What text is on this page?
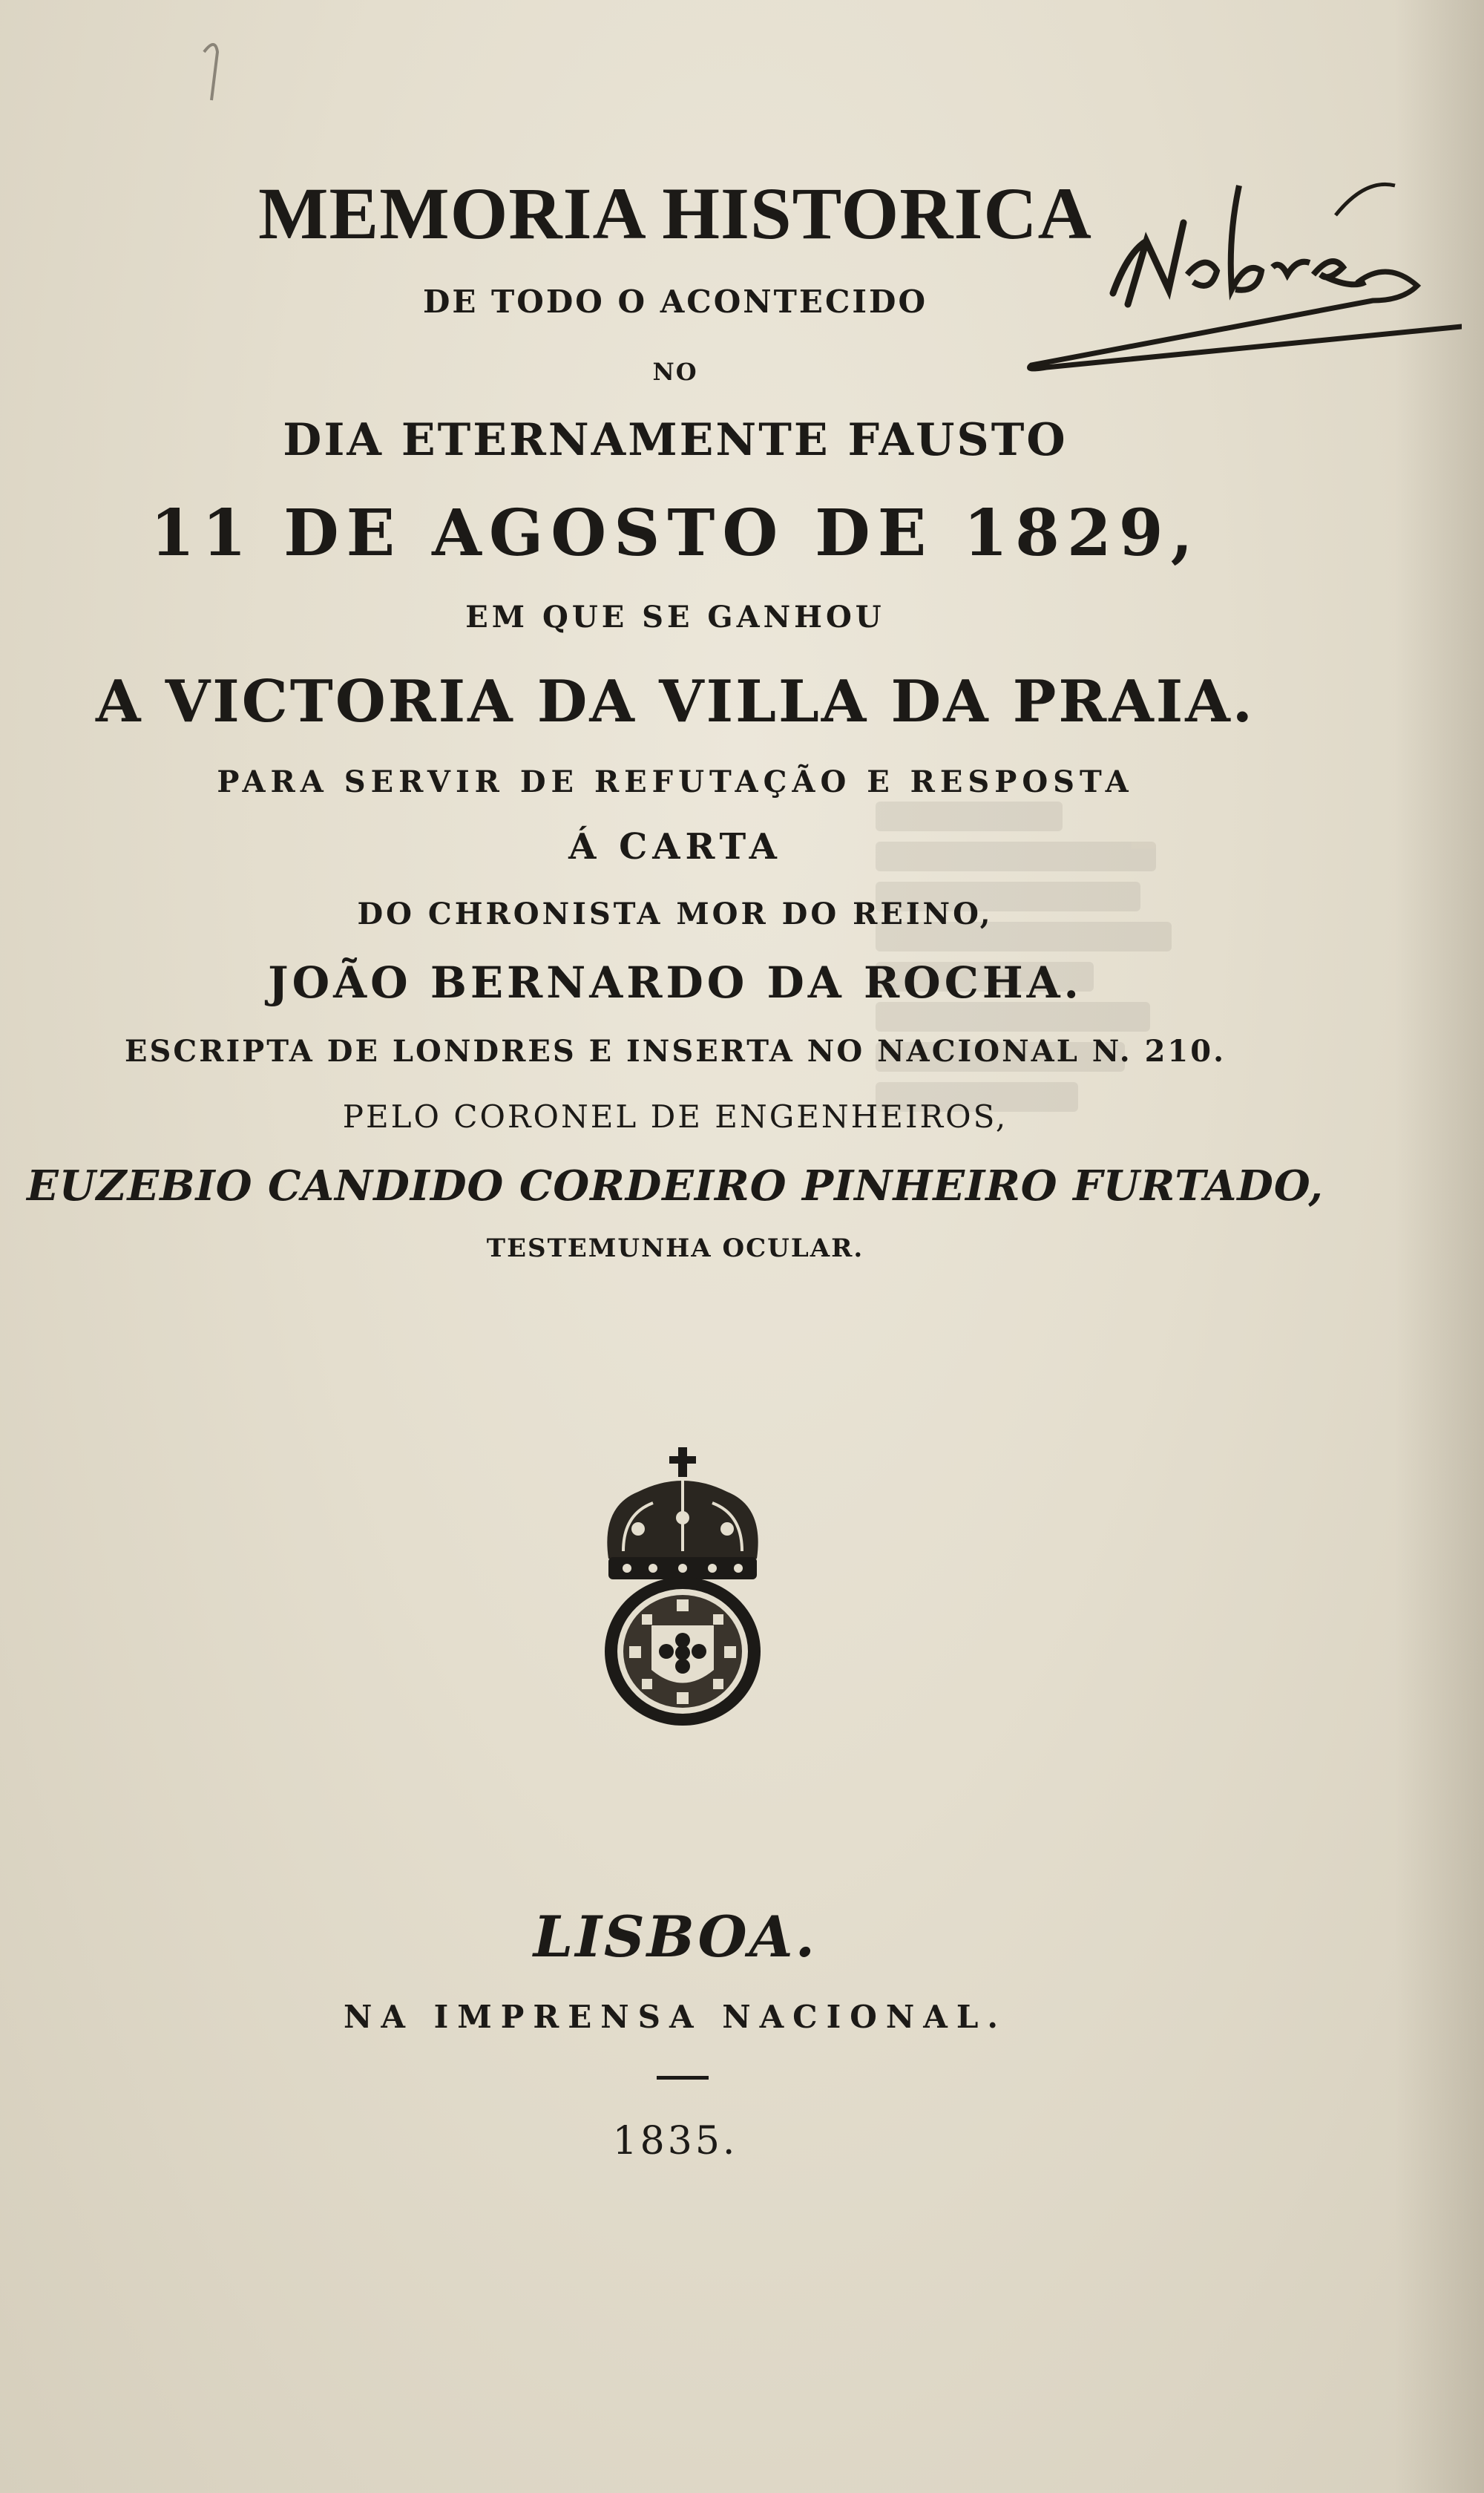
MEMORIA HISTORICA
DE TODO O ACONTECIDO
NO
DIA ETERNAMENTE FAUSTO
11 DE AGOSTO DE 1829,
EM QUE SE GANHOU
A VICTORIA DA VILLA DA PRAIA.
PARA SERVIR DE REFUTAÇÃO E RESPOSTA
Á CARTA
DO CHRONISTA MOR DO REINO,
JOÃO BERNARDO DA ROCHA.
ESCRIPTA DE LONDRES E INSERTA NO NACIONAL N. 210.
PELO CORONEL DE ENGENHEIROS,
EUZEBIO CANDIDO CORDEIRO PINHEIRO FURTADO,
TESTEMUNHA OCULAR.
LISBOA.
NA IMPRENSA NACIONAL.
1835.
